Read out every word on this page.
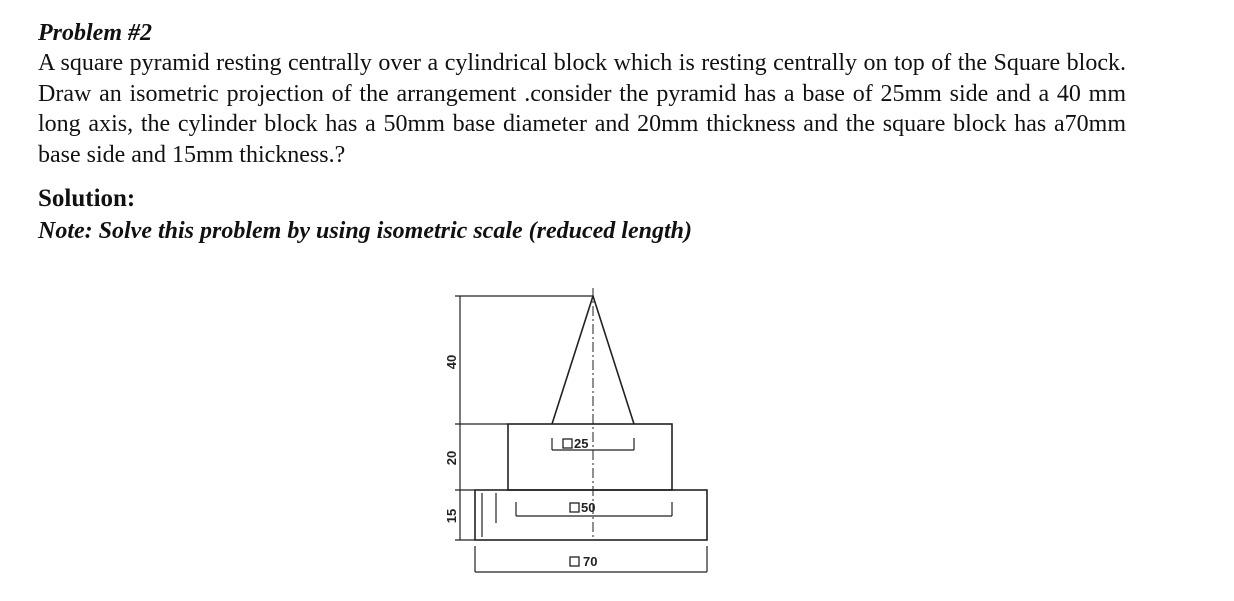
Problem #2

A square pyramid resting centrally over a cylindrical block which is resting centrally on top of the Square block. Draw an isometric projection of the arrangement .consider the pyramid has a base of 25mm side and a 40 mm long axis, the cylinder block has a 50mm base diameter and 20mm thickness and the square block has a70mm base side and 15mm thickness.?

Solution:

Note: Solve this problem by using isometric scale (reduced length)

40
20
15
25
50
70
